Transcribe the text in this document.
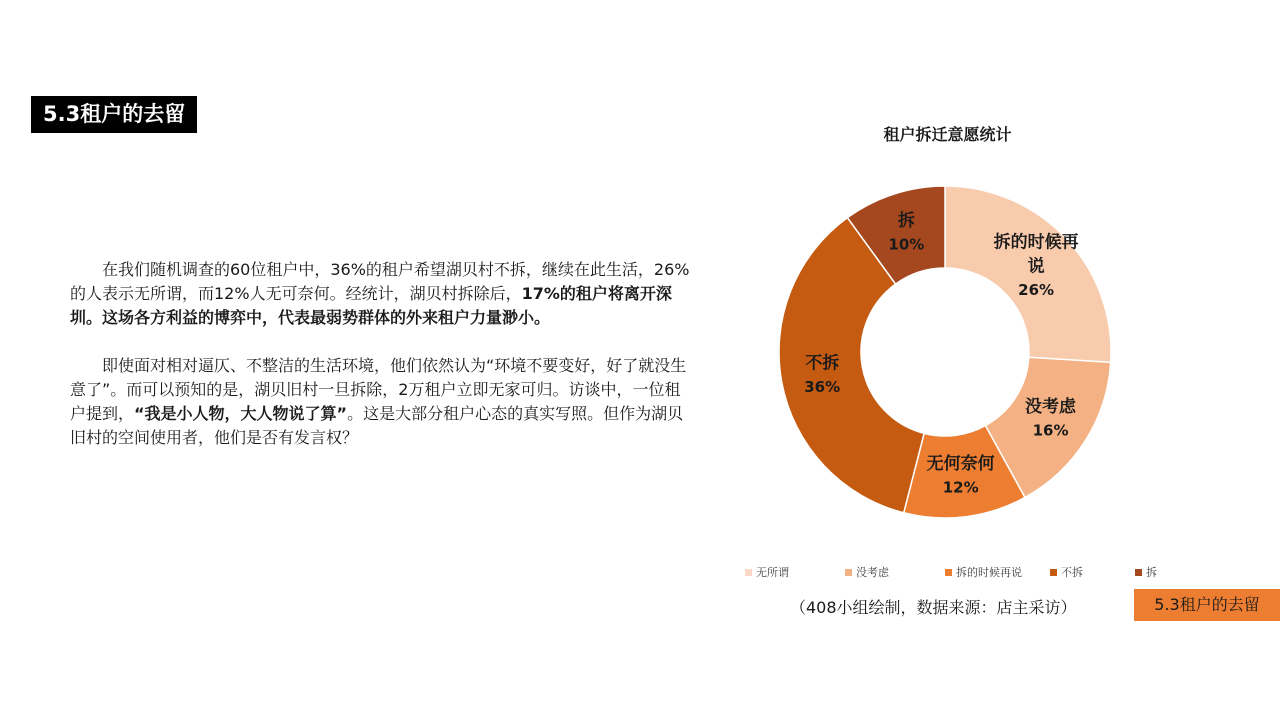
5.3租户的去留

在我们随机调查的60位租户中，36%的租户希望湖贝村不拆，继续在此生活，26%的人表示无所谓，而12%人无可奈何。经统计，湖贝村拆除后，17%的租户将离开深圳。这场各方利益的博弈中，代表最弱势群体的外来租户力量渺小。

即使面对相对逼仄、不整洁的生活环境，他们依然认为“环境不要变好，好了就没生意了”。而可以预知的是，湖贝旧村一旦拆除，2万租户立即无家可归。访谈中，一位租户提到，“我是小人物，大人物说了算”。这是大部分租户心态的真实写照。但作为湖贝旧村的空间使用者，他们是否有发言权？

租户拆迁意愿统计
拆的时候再
说
26%
没考虑
16%
无何奈何
12%
不拆
36%
拆
10%
无所谓	没考虑	拆的时候再说	不拆	拆
（408小组绘制，数据来源：店主采访）	5.3租户的去留
